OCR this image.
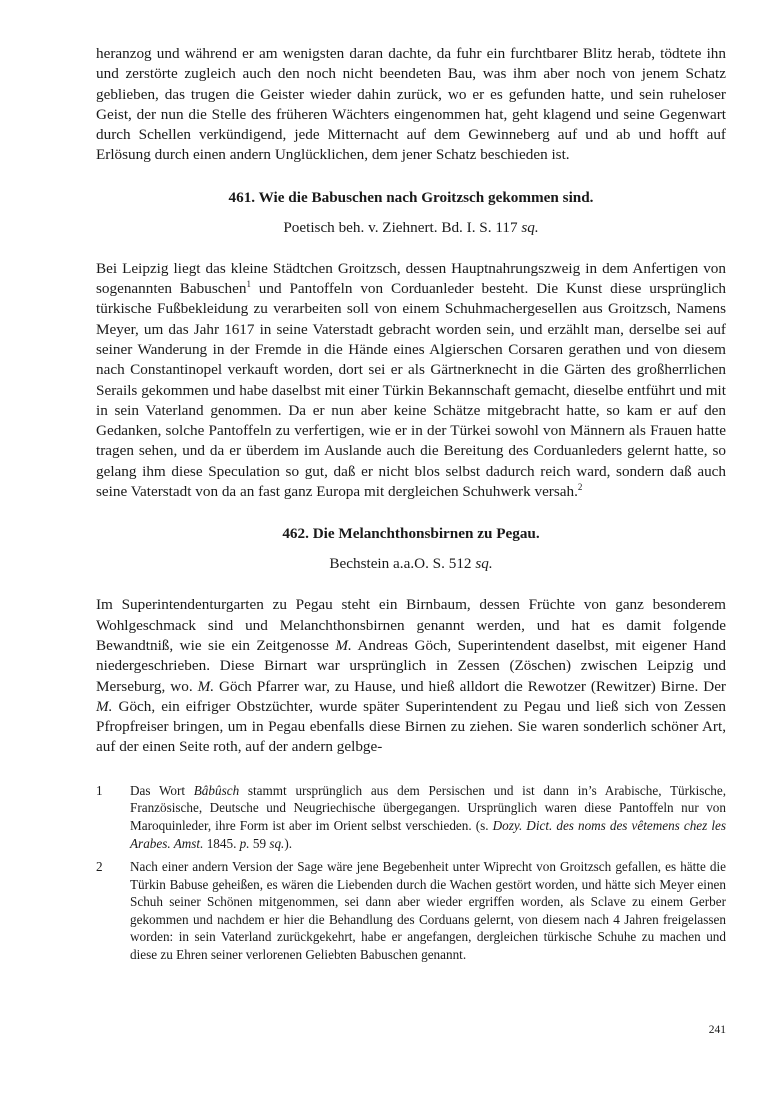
heranzog und während er am wenigsten daran dachte, da fuhr ein furchtbarer Blitz herab, tödtete ihn und zerstörte zugleich auch den noch nicht beendeten Bau, was ihm aber noch von jenem Schatz geblieben, das trugen die Geister wieder dahin zurück, wo er es gefunden hatte, und sein ruheloser Geist, der nun die Stelle des früheren Wächters eingenommen hat, geht klagend und seine Gegenwart durch Schellen verkündigend, jede Mitternacht auf dem Gewinneberg auf und ab und hofft auf Erlösung durch einen andern Unglücklichen, dem jener Schatz beschieden ist.

461. Wie die Babuschen nach Groitzsch gekommen sind.

Poetisch beh. v. Ziehnert. Bd. I. S. 117 sq.

Bei Leipzig liegt das kleine Städtchen Groitzsch, dessen Hauptnahrungszweig in dem Anfertigen von sogenannten Babuschen$^1$ und Pantoffeln von Corduanleder besteht. Die Kunst diese ursprünglich türkische Fußbekleidung zu verarbeiten soll von einem Schuhmachergesellen aus Groitzsch, Namens Meyer, um das Jahr 1617 in seine Vaterstadt gebracht worden sein, und erzählt man, derselbe sei auf seiner Wanderung in der Fremde in die Hände eines Algierschen Corsaren gerathen und von diesem nach Constantinopel verkauft worden, dort sei er als Gärtnerknecht in die Gärten des großherrlichen Serails gekommen und habe daselbst mit einer Türkin Bekannschaft gemacht, dieselbe entführt und mit in sein Vaterland genommen. Da er nun aber keine Schätze mitgebracht hatte, so kam er auf den Gedanken, solche Pantoffeln zu verfertigen, wie er in der Türkei sowohl von Männern als Frauen hatte tragen sehen, und da er überdem im Auslande auch die Bereitung des Corduanleders gelernt hatte, so gelang ihm diese Speculation so gut, daß er nicht blos selbst dadurch reich ward, sondern daß auch seine Vaterstadt von da an fast ganz Europa mit dergleichen Schuhwerk versah.$^2$

462. Die Melanchthonsbirnen zu Pegau.

Bechstein a.a.O. S. 512 sq.

Im Superintendenturgarten zu Pegau steht ein Birnbaum, dessen Früchte von ganz besonderem Wohlgeschmack sind und Melanchthonsbirnen genannt werden, und hat es damit folgende Bewandtniß, wie sie ein Zeitgenosse M. Andreas Göch, Superintendent daselbst, mit eigener Hand niedergeschrieben. Diese Birnart war ursprünglich in Zessen (Zöschen) zwischen Leipzig und Merseburg, wo. M. Göch Pfarrer war, zu Hause, und hieß alldort die Rewotzer (Rewitzer) Birne. Der M. Göch, ein eifriger Obstzüchter, wurde später Superintendent zu Pegau und ließ sich von Zessen Pfropfreiser bringen, um in Pegau ebenfalls diese Birnen zu ziehen. Sie waren sonderlich schöner Art, auf der einen Seite roth, auf der andern gelbge-

1	Das Wort Bâbûsch stammt ursprünglich aus dem Persischen und ist dann in’s Arabische, Türkische, Französische, Deutsche und Neugriechische übergegangen. Ursprünglich waren diese Pantoffeln nur von Maroquinleder, ihre Form ist aber im Orient selbst verschieden. (s. Dozy. Dict. des noms des vêtemens chez les Arabes. Amst. 1845. p. 59 sq.).

2	Nach einer andern Version der Sage wäre jene Begebenheit unter Wiprecht von Groitzsch gefallen, es hätte die Türkin Babuse geheißen, es wären die Liebenden durch die Wachen gestört worden, und hätte sich Meyer einen Schuh seiner Schönen mitgenommen, sei dann aber wieder ergriffen worden, als Sclave zu einem Gerber gekommen und nachdem er hier die Behandlung des Corduans gelernt, von diesem nach 4 Jahren freigelassen worden: in sein Vaterland zurückgekehrt, habe er angefangen, dergleichen türkische Schuhe zu machen und diese zu Ehren seiner verlorenen Geliebten Babuschen genannt.

241
